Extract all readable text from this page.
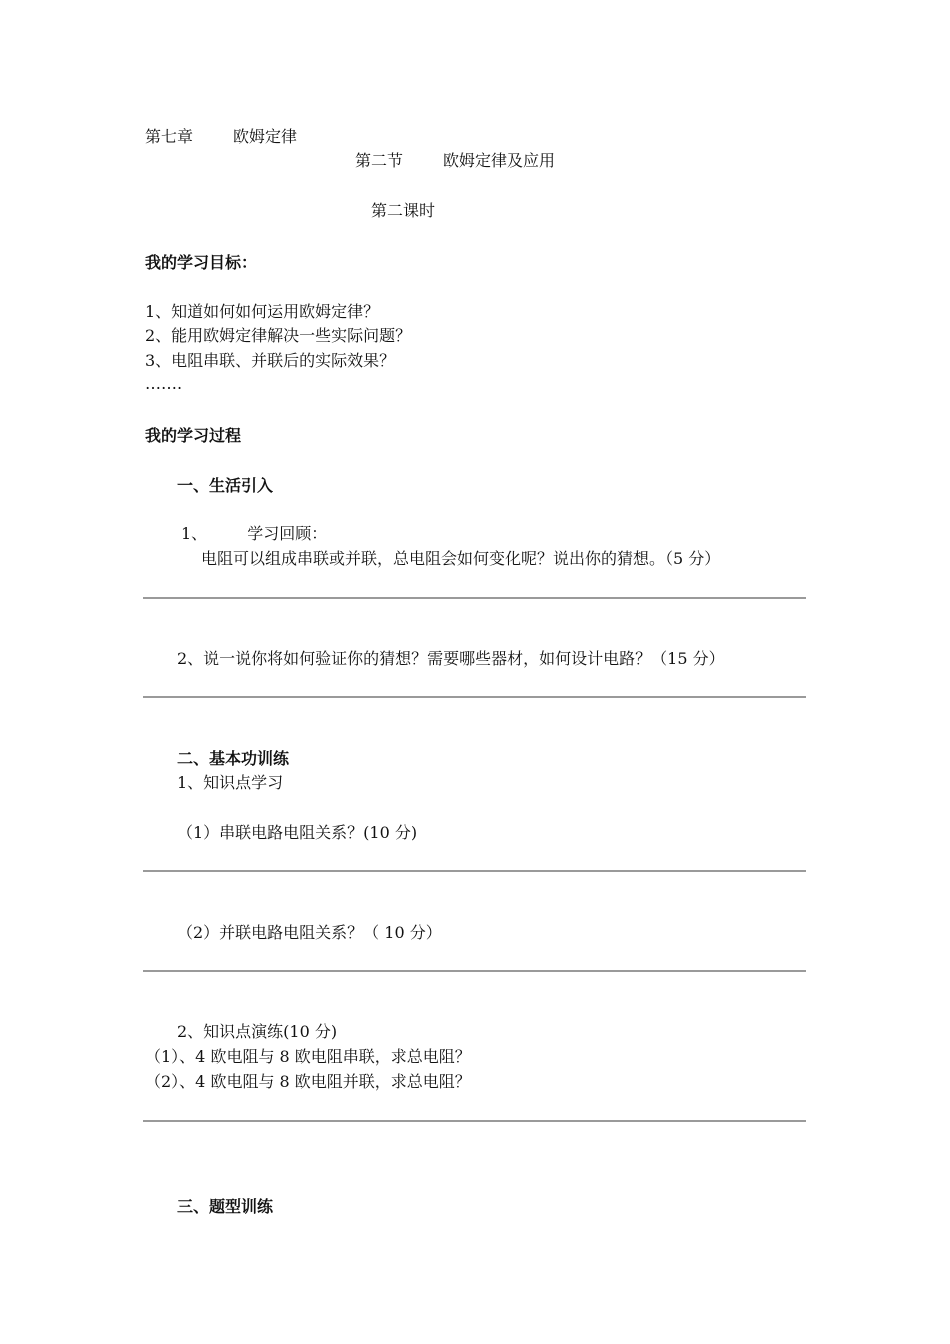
第七章	欧姆定律
第二节	欧姆定律及应用
第二课时
我的学习目标：
1、知道如何如何运用欧姆定律？
2、能用欧姆定律解决一些实际问题？
3、电阻串联、并联后的实际效果？
…….
我的学习过程
一、生活引入
1、	学习回顾：
电阻可以组成串联或并联，总电阻会如何变化呢？说出你的猜想。（5 分）
2、说一说你将如何验证你的猜想？需要哪些器材，如何设计电路？（15 分）
二、基本功训练
1、知识点学习
（1）串联电路电阻关系？(10 分)
（2）并联电路电阻关系？（ 10 分）
2、知识点演练(10 分)
（1）、4 欧电阻与 8 欧电阻串联，求总电阻？
（2）、4 欧电阻与 8 欧电阻并联，求总电阻？
三、题型训练
